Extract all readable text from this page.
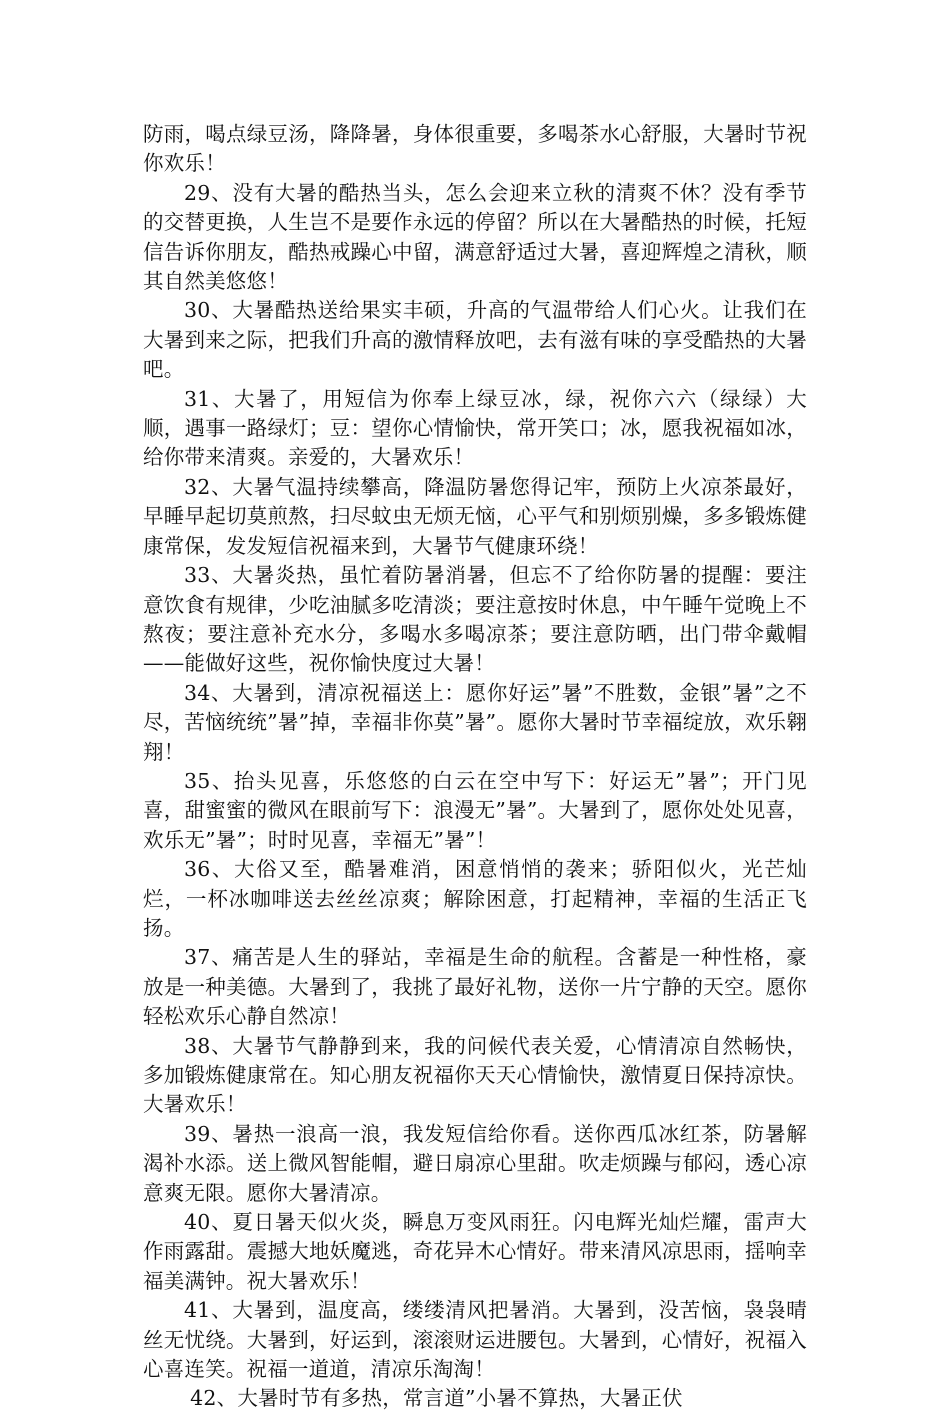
防雨，喝点绿豆汤，降降暑，身体很重要，多喝茶水心舒服，大暑时节祝你欢乐！

29、没有大暑的酷热当头，怎么会迎来立秋的清爽不休？没有季节的交替更换，人生岂不是要作永远的停留？所以在大暑酷热的时候，托短信告诉你朋友，酷热戒躁心中留，满意舒适过大暑，喜迎辉煌之清秋，顺其自然美悠悠！

30、大暑酷热送给果实丰硕，升高的气温带给人们心火。让我们在大暑到来之际，把我们升高的激情释放吧，去有滋有味的享受酷热的大暑吧。

31、大暑了，用短信为你奉上绿豆冰，绿，祝你六六（绿绿）大顺，遇事一路绿灯；豆：望你心情愉快，常开笑口；冰，愿我祝福如冰，给你带来清爽。亲爱的，大暑欢乐！

32、大暑气温持续攀高，降温防暑您得记牢，预防上火凉茶最好，早睡早起切莫煎熬，扫尽蚊虫无烦无恼，心平气和别烦别燥，多多锻炼健康常保，发发短信祝福来到，大暑节气健康环绕！

33、大暑炎热，虽忙着防暑消暑，但忘不了给你防暑的提醒：要注意饮食有规律，少吃油腻多吃清淡；要注意按时休息，中午睡午觉晚上不熬夜；要注意补充水分，多喝水多喝凉茶；要注意防晒，出门带伞戴帽——能做好这些，祝你愉快度过大暑！

34、大暑到，清凉祝福送上：愿你好运”暑”不胜数，金银”暑”之不尽，苦恼统统”暑”掉，幸福非你莫”暑”。愿你大暑时节幸福绽放，欢乐翱翔！

35、抬头见喜，乐悠悠的白云在空中写下：好运无”暑”；开门见喜，甜蜜蜜的微风在眼前写下：浪漫无”暑”。大暑到了，愿你处处见喜，欢乐无”暑”；时时见喜，幸福无”暑”！

36、大俗又至，酷暑难消，困意悄悄的袭来；骄阳似火，光芒灿烂，一杯冰咖啡送去丝丝凉爽；解除困意，打起精神，幸福的生活正飞扬。

37、痛苦是人生的驿站，幸福是生命的航程。含蓄是一种性格，豪放是一种美德。大暑到了，我挑了最好礼物，送你一片宁静的天空。愿你轻松欢乐心静自然凉！

38、大暑节气静静到来，我的问候代表关爱，心情清凉自然畅快，多加锻炼健康常在。知心朋友祝福你天天心情愉快，激情夏日保持凉快。大暑欢乐！

39、暑热一浪高一浪，我发短信给你看。送你西瓜冰红茶，防暑解渴补水添。送上微风智能帽，避日扇凉心里甜。吹走烦躁与郁闷，透心凉意爽无限。愿你大暑清凉。

40、夏日暑天似火炎，瞬息万变风雨狂。闪电辉光灿烂耀，雷声大作雨露甜。震撼大地妖魔逃，奇花异木心情好。带来清风凉思雨，揺响幸福美满钟。祝大暑欢乐！

41、大暑到，温度高，缕缕清风把暑消。大暑到，没苦恼，袅袅晴丝无忧绕。大暑到，好运到，滚滚财运进腰包。大暑到，心情好，祝福入心喜连笑。祝福一道道，清凉乐淘淘！

42、大暑时节有多热，常言道”小暑不算热，大暑正伏
